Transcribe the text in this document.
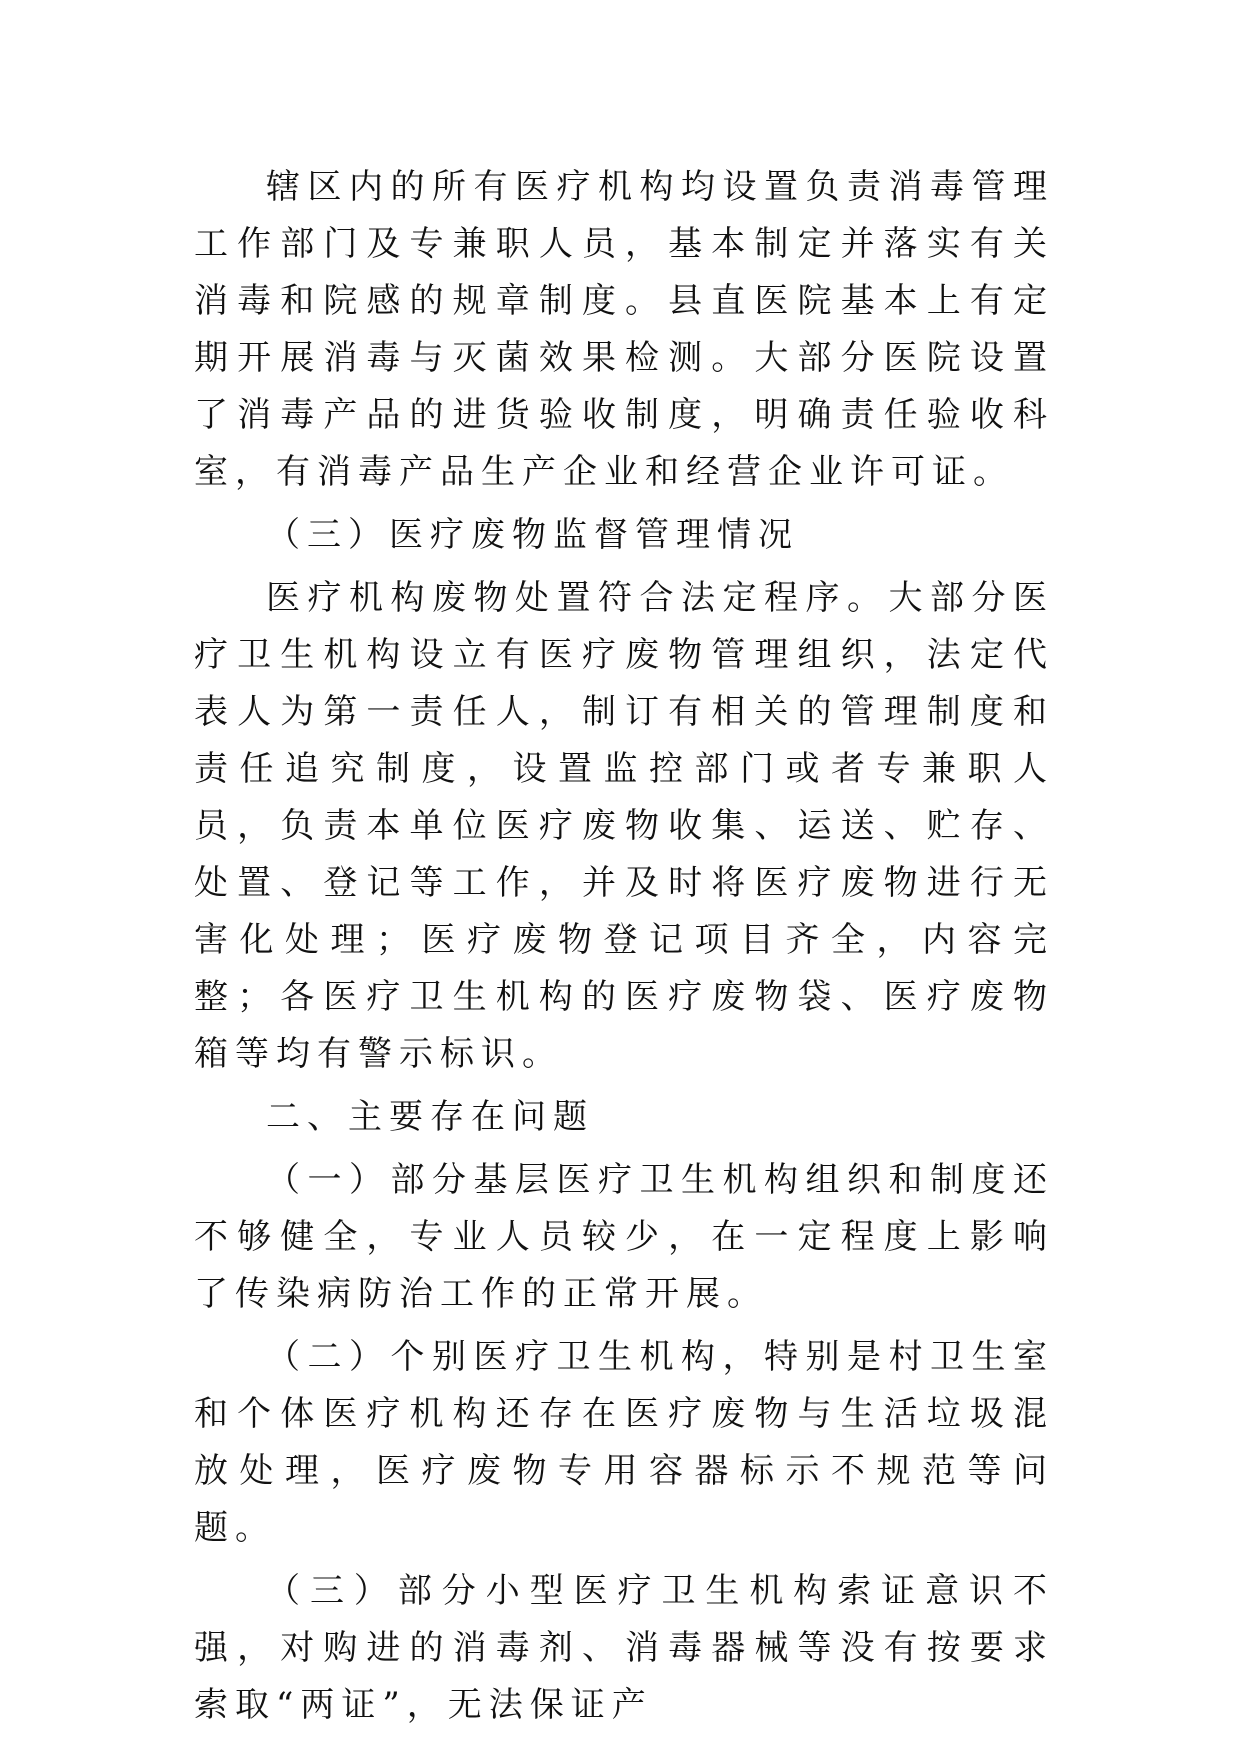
辖区内的所有医疗机构均设置负责消毒管理工作部门及专兼职人员，基本制定并落实有关消毒和院感的规章制度。县直医院基本上有定期开展消毒与灭菌效果检测。大部分医院设置了消毒产品的进货验收制度，明确责任验收科室，有消毒产品生产企业和经营企业许可证。

（三）医疗废物监督管理情况

医疗机构废物处置符合法定程序。大部分医疗卫生机构设立有医疗废物管理组织，法定代表人为第一责任人，制订有相关的管理制度和责任追究制度，设置监控部门或者专兼职人员，负责本单位医疗废物收集、运送、贮存、处置、登记等工作，并及时将医疗废物进行无害化处理；医疗废物登记项目齐全，内容完整；各医疗卫生机构的医疗废物袋、医疗废物箱等均有警示标识。

二、主要存在问题

（一）部分基层医疗卫生机构组织和制度还不够健全，专业人员较少，在一定程度上影响了传染病防治工作的正常开展。

（二）个别医疗卫生机构，特别是村卫生室和个体医疗机构还存在医疗废物与生活垃圾混放处理，医疗废物专用容器标示不规范等问题。

（三）部分小型医疗卫生机构索证意识不强，对购进的消毒剂、消毒器械等没有按要求索取“两证”，无法保证产
